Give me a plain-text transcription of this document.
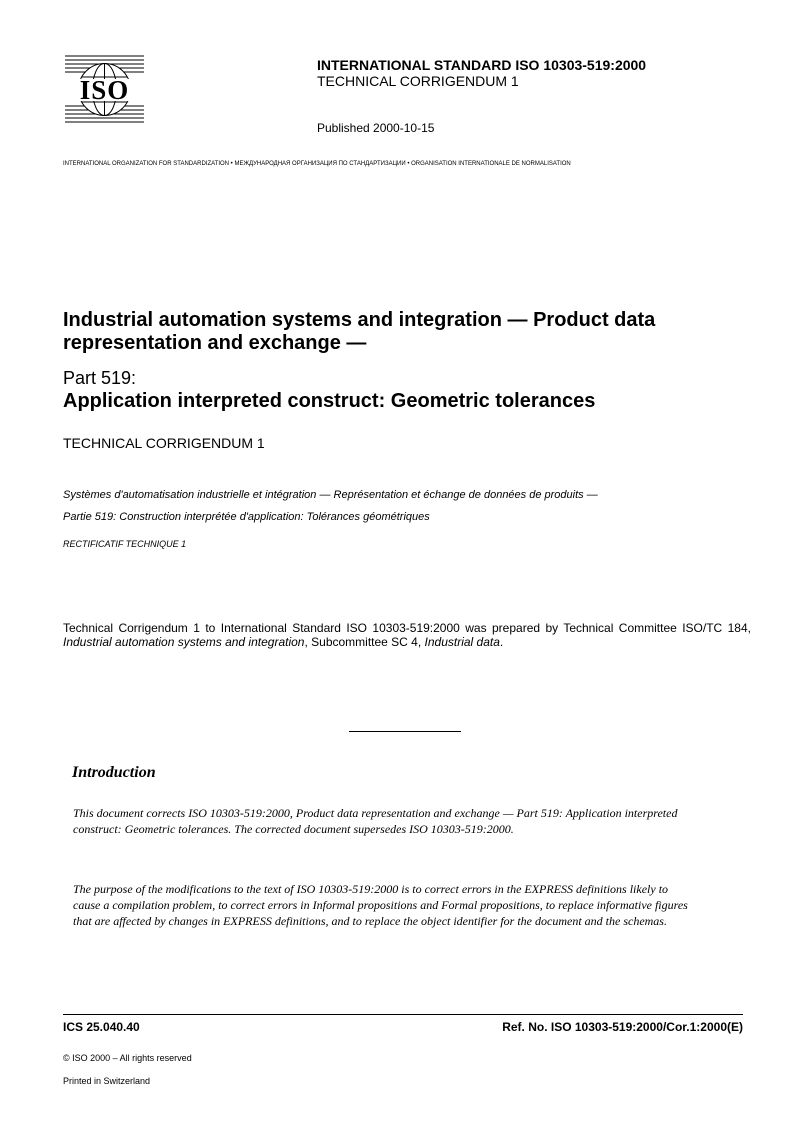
ISO
INTERNATIONAL STANDARD ISO 10303-519:2000
TECHNICAL CORRIGENDUM 1
Published 2000-10-15
INTERNATIONAL ORGANIZATION FOR STANDARDIZATION • МЕЖДУНАРОДНАЯ ОРГАНИЗАЦИЯ ПО СТАНДАРТИЗАЦИИ • ORGANISATION INTERNATIONALE DE NORMALISATION
Industrial automation systems and integration — Product data representation and exchange —
Part 519:
Application interpreted construct: Geometric tolerances
TECHNICAL CORRIGENDUM 1
Systèmes d'automatisation industrielle et intégration — Représentation et échange de données de produits —
Partie 519: Construction interprétée d'application: Tolérances géométriques
RECTIFICATIF TECHNIQUE 1
Technical Corrigendum 1 to International Standard ISO 10303-519:2000 was prepared by Technical Committee ISO/TC 184, Industrial automation systems and integration, Subcommittee SC 4, Industrial data.
Introduction
This document corrects ISO 10303-519:2000, Product data representation and exchange — Part 519: Application interpreted construct: Geometric tolerances. The corrected document supersedes ISO 10303-519:2000.
The purpose of the modifications to the text of ISO 10303-519:2000 is to correct errors in the EXPRESS definitions likely to cause a compilation problem, to correct errors in Informal propositions and Formal propositions, to replace informative figures that are affected by changes in EXPRESS definitions, and to replace the object identifier for the document and the schemas.
ICS 25.040.40	Ref. No. ISO 10303-519:2000/Cor.1:2000(E)
© ISO 2000 – All rights reserved
Printed in Switzerland
